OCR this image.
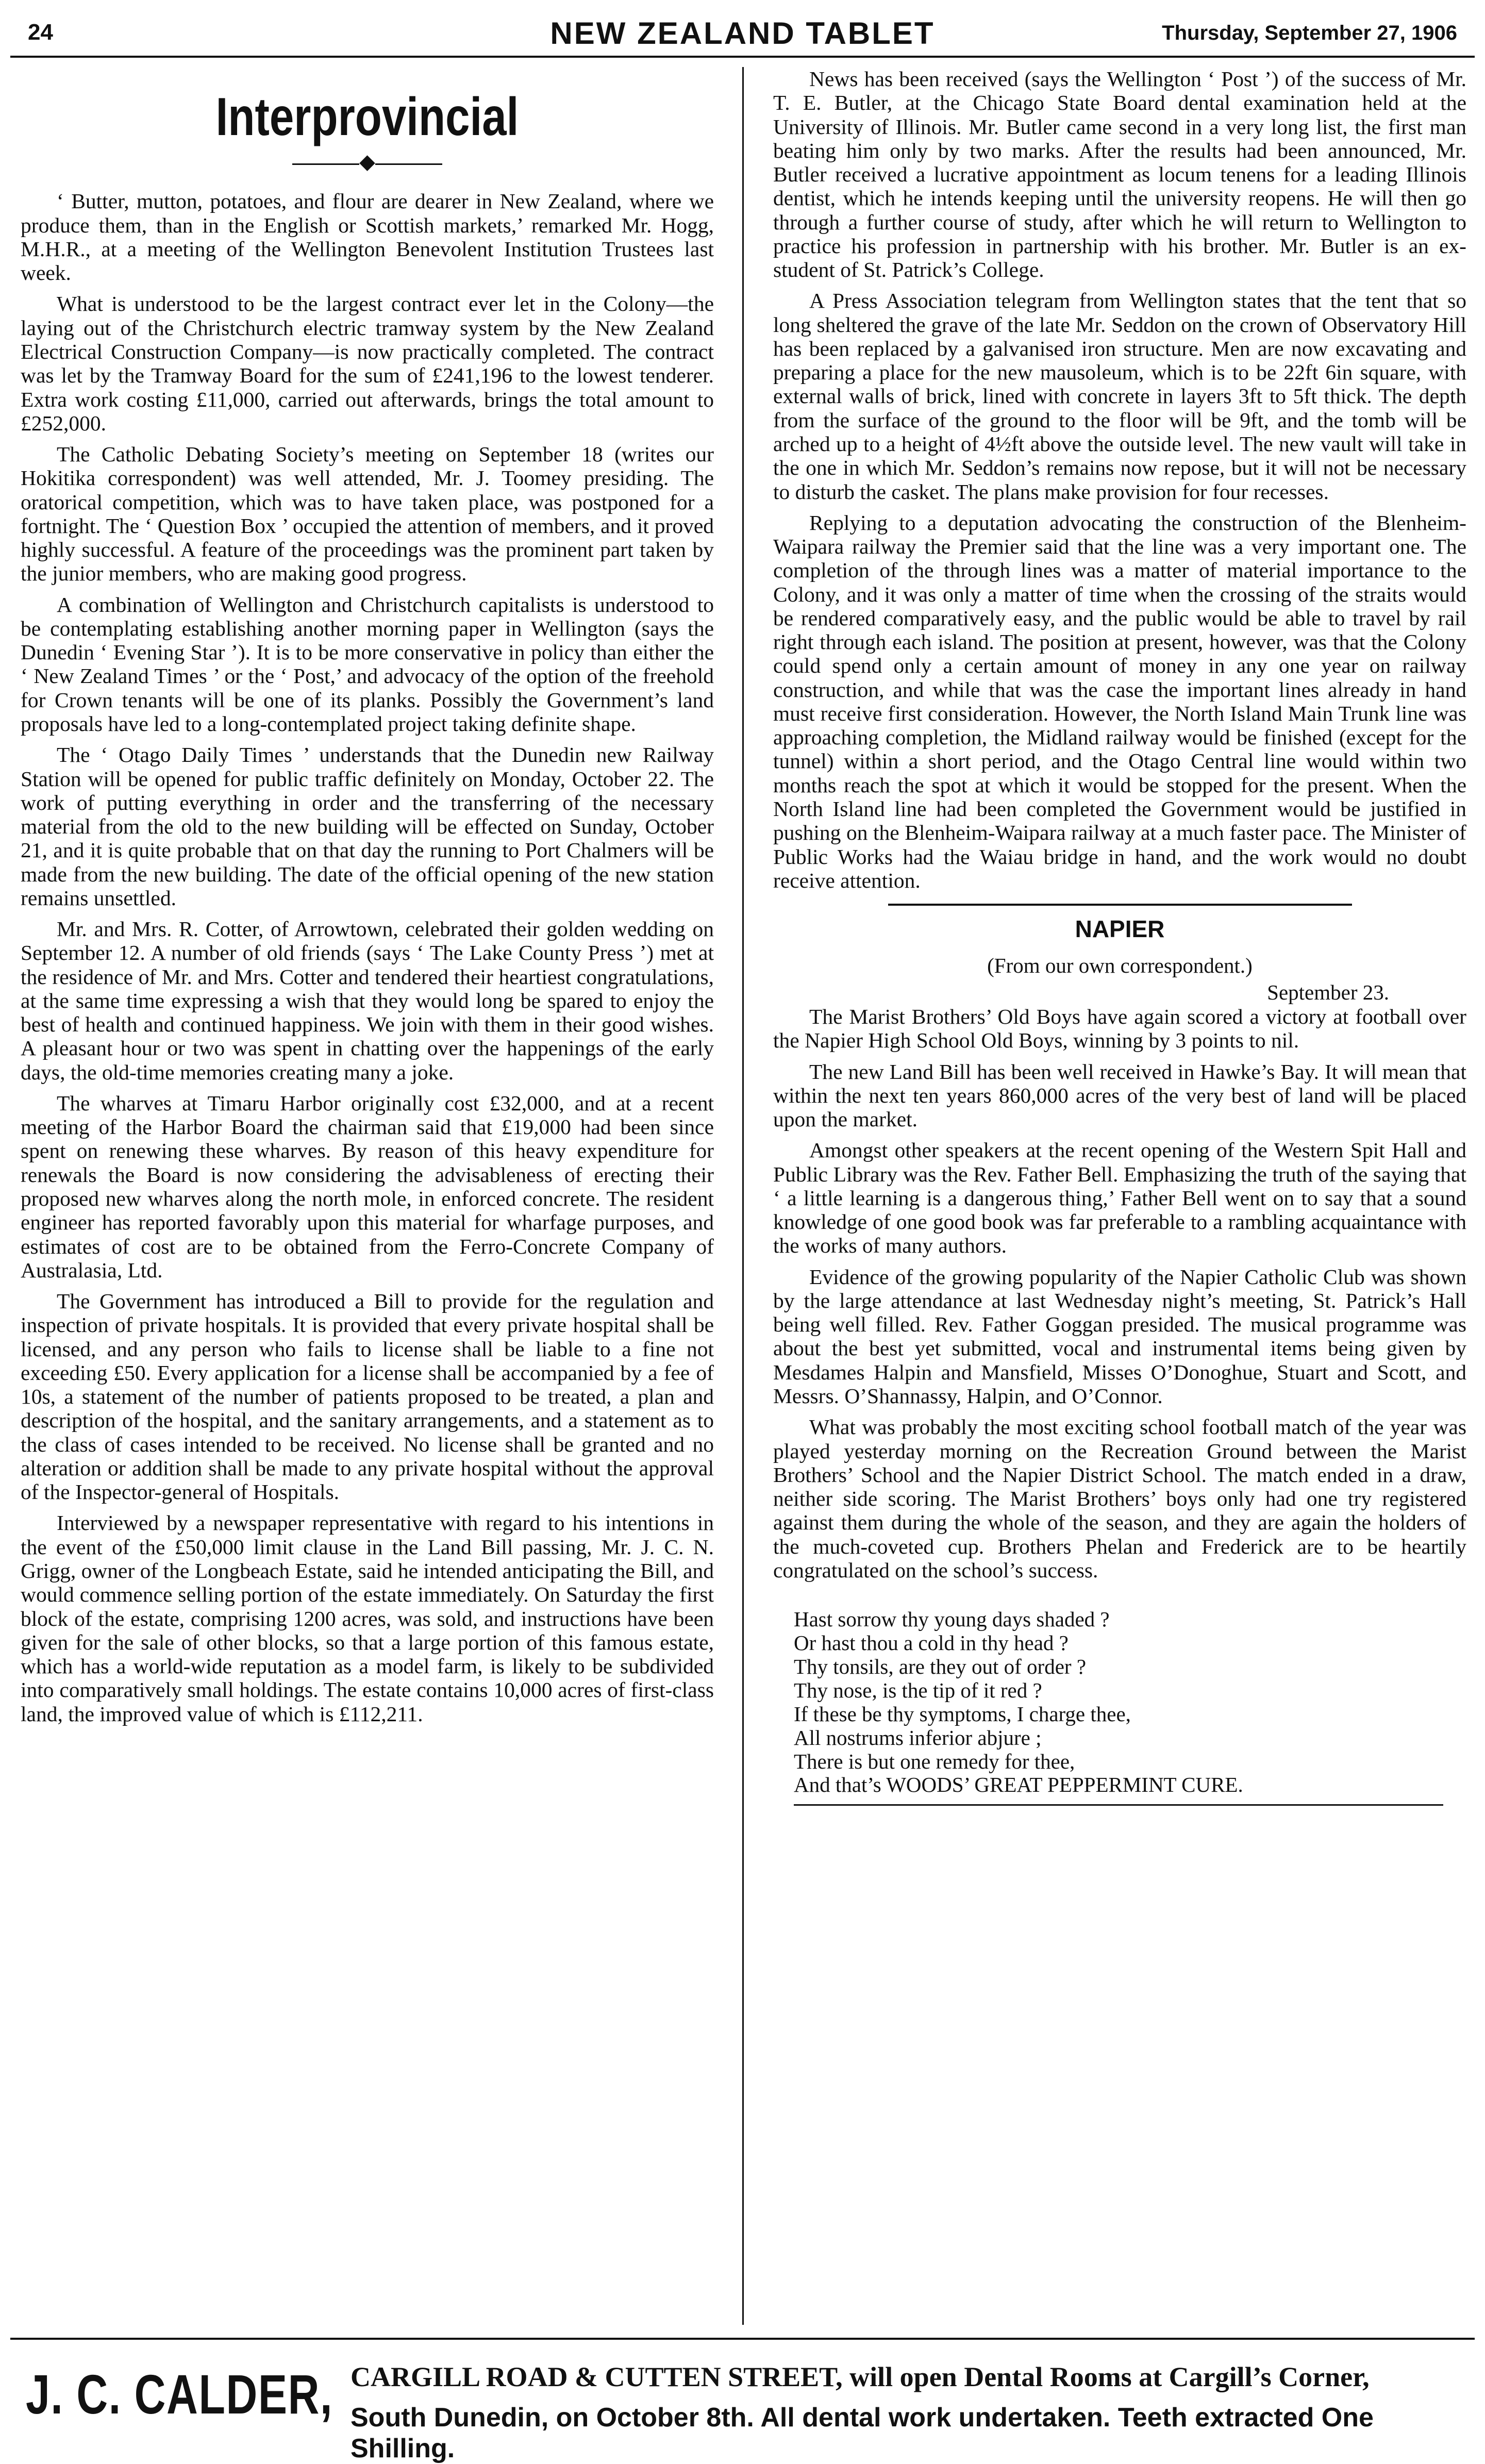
24	NEW ZEALAND TABLET	Thursday, September 27, 1906
Interprovincial
◆

‘ Butter, mutton, potatoes, and flour are dearer in New Zealand, where we produce them, than in the English or Scottish markets,’ remarked Mr. Hogg, M.H.R., at a meeting of the Wellington Benevolent Institution Trustees last week.

What is understood to be the largest contract ever let in the Colony—the laying out of the Christchurch electric tramway system by the New Zealand Electrical Construction Company—is now practically completed. The contract was let by the Tramway Board for the sum of £241,196 to the lowest tenderer. Extra work costing £11,000, carried out afterwards, brings the total amount to £252,000.

The Catholic Debating Society’s meeting on September 18 (writes our Hokitika correspondent) was well attended, Mr. J. Toomey presiding. The oratorical competition, which was to have taken place, was postponed for a fortnight. The ‘ Question Box ’ occupied the attention of members, and it proved highly successful. A feature of the proceedings was the prominent part taken by the junior members, who are making good progress.

A combination of Wellington and Christchurch capitalists is understood to be contemplating establishing another morning paper in Wellington (says the Dunedin ‘ Evening Star ’). It is to be more conservative in policy than either the ‘ New Zealand Times ’ or the ‘ Post,’ and advocacy of the option of the freehold for Crown tenants will be one of its planks. Possibly the Government’s land proposals have led to a long-contemplated project taking definite shape.

The ‘ Otago Daily Times ’ understands that the Dunedin new Railway Station will be opened for public traffic definitely on Monday, October 22. The work of putting everything in order and the transferring of the necessary material from the old to the new building will be effected on Sunday, October 21, and it is quite probable that on that day the running to Port Chalmers will be made from the new building. The date of the official opening of the new station remains unsettled.

Mr. and Mrs. R. Cotter, of Arrowtown, celebrated their golden wedding on September 12. A number of old friends (says ‘ The Lake County Press ’) met at the residence of Mr. and Mrs. Cotter and tendered their heartiest congratulations, at the same time expressing a wish that they would long be spared to enjoy the best of health and continued happiness. We join with them in their good wishes. A pleasant hour or two was spent in chatting over the happenings of the early days, the old-time memories creating many a joke.

The wharves at Timaru Harbor originally cost £32,000, and at a recent meeting of the Harbor Board the chairman said that £19,000 had been since spent on renewing these wharves. By reason of this heavy expenditure for renewals the Board is now considering the advisableness of erecting their proposed new wharves along the north mole, in enforced concrete. The resident engineer has reported favorably upon this material for wharfage purposes, and estimates of cost are to be obtained from the Ferro-Concrete Company of Australasia, Ltd.

The Government has introduced a Bill to provide for the regulation and inspection of private hospitals. It is provided that every private hospital shall be licensed, and any person who fails to license shall be liable to a fine not exceeding £50. Every application for a license shall be accompanied by a fee of 10s, a statement of the number of patients proposed to be treated, a plan and description of the hospital, and the sanitary arrangements, and a statement as to the class of cases intended to be received. No license shall be granted and no alteration or addition shall be made to any private hospital without the approval of the Inspector-general of Hospitals.

Interviewed by a newspaper representative with regard to his intentions in the event of the £50,000 limit clause in the Land Bill passing, Mr. J. C. N. Grigg, owner of the Longbeach Estate, said he intended anticipating the Bill, and would commence selling portion of the estate immediately. On Saturday the first block of the estate, comprising 1200 acres, was sold, and instructions have been given for the sale of other blocks, so that a large portion of this famous estate, which has a world-wide reputation as a model farm, is likely to be subdivided into comparatively small holdings. The estate contains 10,000 acres of first-class land, the improved value of which is £112,211.

News has been received (says the Wellington ‘ Post ’) of the success of Mr. T. E. Butler, at the Chicago State Board dental examination held at the University of Illinois. Mr. Butler came second in a very long list, the first man beating him only by two marks. After the results had been announced, Mr. Butler received a lucrative appointment as locum tenens for a leading Illinois dentist, which he intends keeping until the university reopens. He will then go through a further course of study, after which he will return to Wellington to practice his profession in partnership with his brother. Mr. Butler is an ex-student of St. Patrick’s College.

A Press Association telegram from Wellington states that the tent that so long sheltered the grave of the late Mr. Seddon on the crown of Observatory Hill has been replaced by a galvanised iron structure. Men are now excavating and preparing a place for the new mausoleum, which is to be 22ft 6in square, with external walls of brick, lined with concrete in layers 3ft to 5ft thick. The depth from the surface of the ground to the floor will be 9ft, and the tomb will be arched up to a height of 4½ft above the outside level. The new vault will take in the one in which Mr. Seddon’s remains now repose, but it will not be necessary to disturb the casket. The plans make provision for four recesses.

Replying to a deputation advocating the construction of the Blenheim-Waipara railway the Premier said that the line was a very important one. The completion of the through lines was a matter of material importance to the Colony, and it was only a matter of time when the crossing of the straits would be rendered comparatively easy, and the public would be able to travel by rail right through each island. The position at present, however, was that the Colony could spend only a certain amount of money in any one year on railway construction, and while that was the case the important lines already in hand must receive first consideration. However, the North Island Main Trunk line was approaching completion, the Midland railway would be finished (except for the tunnel) within a short period, and the Otago Central line would within two months reach the spot at which it would be stopped for the present. When the North Island line had been completed the Government would be justified in pushing on the Blenheim-Waipara railway at a much faster pace. The Minister of Public Works had the Waiau bridge in hand, and the work would no doubt receive attention.

NAPIER
(From our own correspondent.)
September 23.

The Marist Brothers’ Old Boys have again scored a victory at football over the Napier High School Old Boys, winning by 3 points to nil.

The new Land Bill has been well received in Hawke’s Bay. It will mean that within the next ten years 860,000 acres of the very best of land will be placed upon the market.

Amongst other speakers at the recent opening of the Western Spit Hall and Public Library was the Rev. Father Bell. Emphasizing the truth of the saying that ‘ a little learning is a dangerous thing,’ Father Bell went on to say that a sound knowledge of one good book was far preferable to a rambling acquaintance with the works of many authors.

Evidence of the growing popularity of the Napier Catholic Club was shown by the large attendance at last Wednesday night’s meeting, St. Patrick’s Hall being well filled. Rev. Father Goggan presided. The musical programme was about the best yet submitted, vocal and instrumental items being given by Mesdames Halpin and Mansfield, Misses O’Donoghue, Stuart and Scott, and Messrs. O’Shannassy, Halpin, and O’Connor.

What was probably the most exciting school football match of the year was played yesterday morning on the Recreation Ground between the Marist Brothers’ School and the Napier District School. The match ended in a draw, neither side scoring. The Marist Brothers’ boys only had one try registered against them during the whole of the season, and they are again the holders of the much-coveted cup. Brothers Phelan and Frederick are to be heartily congratulated on the school’s success.

Hast sorrow thy young days shaded ?
Or hast thou a cold in thy head ?
Thy tonsils, are they out of order ?
Thy nose, is the tip of it red ?
If these be thy symptoms, I charge thee,
All nostrums inferior abjure ;
There is but one remedy for thee,
And that’s WOODS’ GREAT PEPPERMINT CURE.
J. C. CALDER, CARGILL ROAD & CUTTEN STREET, will open Dental Rooms at Cargill’s Corner,
South Dunedin, on October 8th. All dental work undertaken. Teeth extracted One Shilling.
